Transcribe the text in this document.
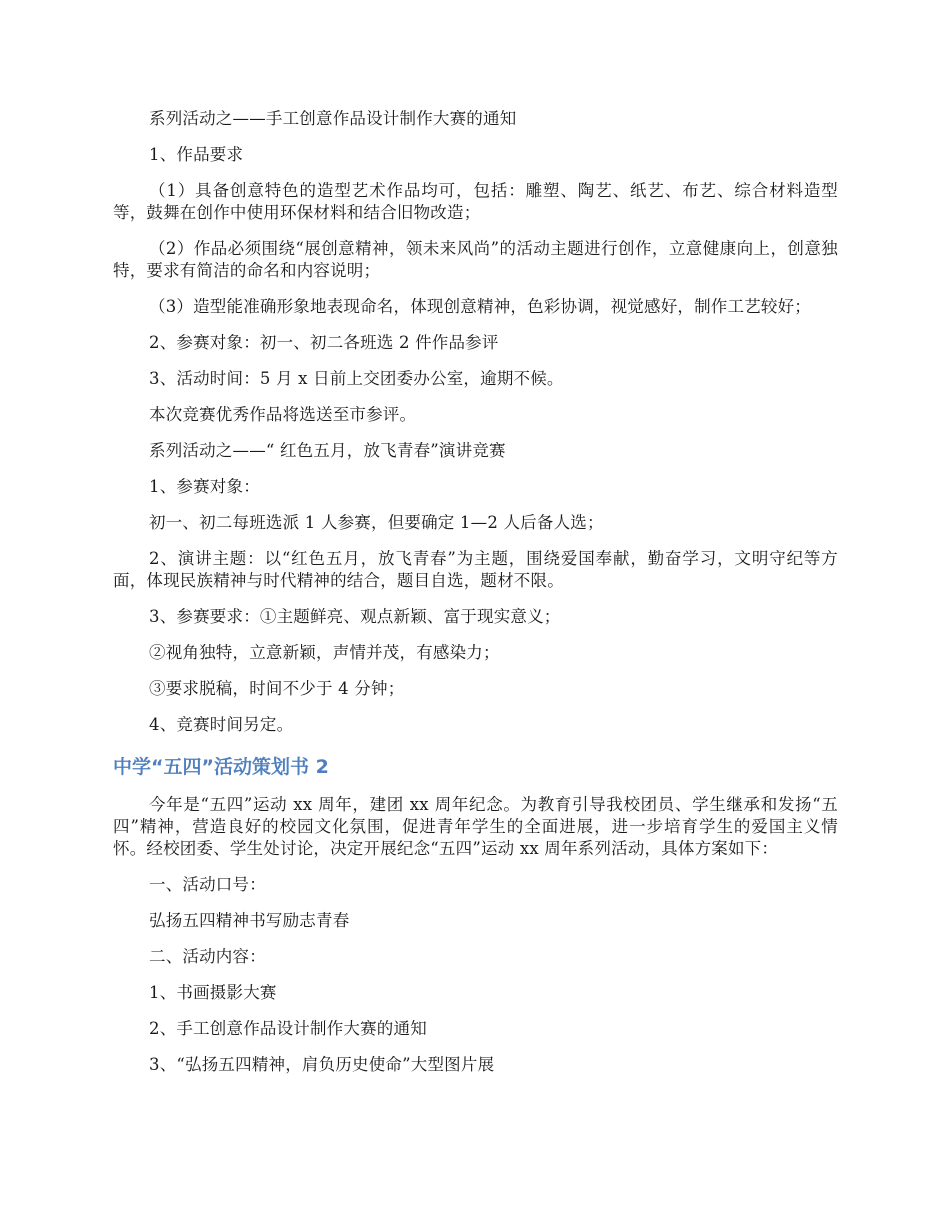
系列活动之——手工创意作品设计制作大赛的通知

1、作品要求

（1）具备创意特色的造型艺术作品均可，包括：雕塑、陶艺、纸艺、布艺、综合材料造型等，鼓舞在创作中使用环保材料和结合旧物改造；

（2）作品必须围绕“展创意精神，领未来风尚”的活动主题进行创作，立意健康向上，创意独特，要求有简洁的命名和内容说明；

（3）造型能准确形象地表现命名，体现创意精神，色彩协调，视觉感好，制作工艺较好；

2、参赛对象：初一、初二各班选 2 件作品参评

3、活动时间：5 月 x 日前上交团委办公室，逾期不候。

本次竞赛优秀作品将选送至市参评。

系列活动之——“ 红色五月，放飞青春”演讲竞赛

1、参赛对象：

初一、初二每班选派 1 人参赛，但要确定 1—2 人后备人选；

2、演讲主题：以“红色五月，放飞青春”为主题，围绕爱国奉献，勤奋学习，文明守纪等方面，体现民族精神与时代精神的结合，题目自选，题材不限。

3、参赛要求：①主题鲜亮、观点新颖、富于现实意义；

②视角独特，立意新颖，声情并茂，有感染力；

③要求脱稿，时间不少于 4 分钟；

4、竞赛时间另定。

中学“五四”活动策划书 2

今年是“五四”运动 xx 周年，建团 xx 周年纪念。为教育引导我校团员、学生继承和发扬“五四”精神，营造良好的校园文化氛围，促进青年学生的全面进展，进一步培育学生的爱国主义情怀。经校团委、学生处讨论，决定开展纪念“五四”运动 xx 周年系列活动，具体方案如下：

一、活动口号：

弘扬五四精神书写励志青春

二、活动内容：

1、书画摄影大赛

2、手工创意作品设计制作大赛的通知

3、“弘扬五四精神，肩负历史使命”大型图片展
